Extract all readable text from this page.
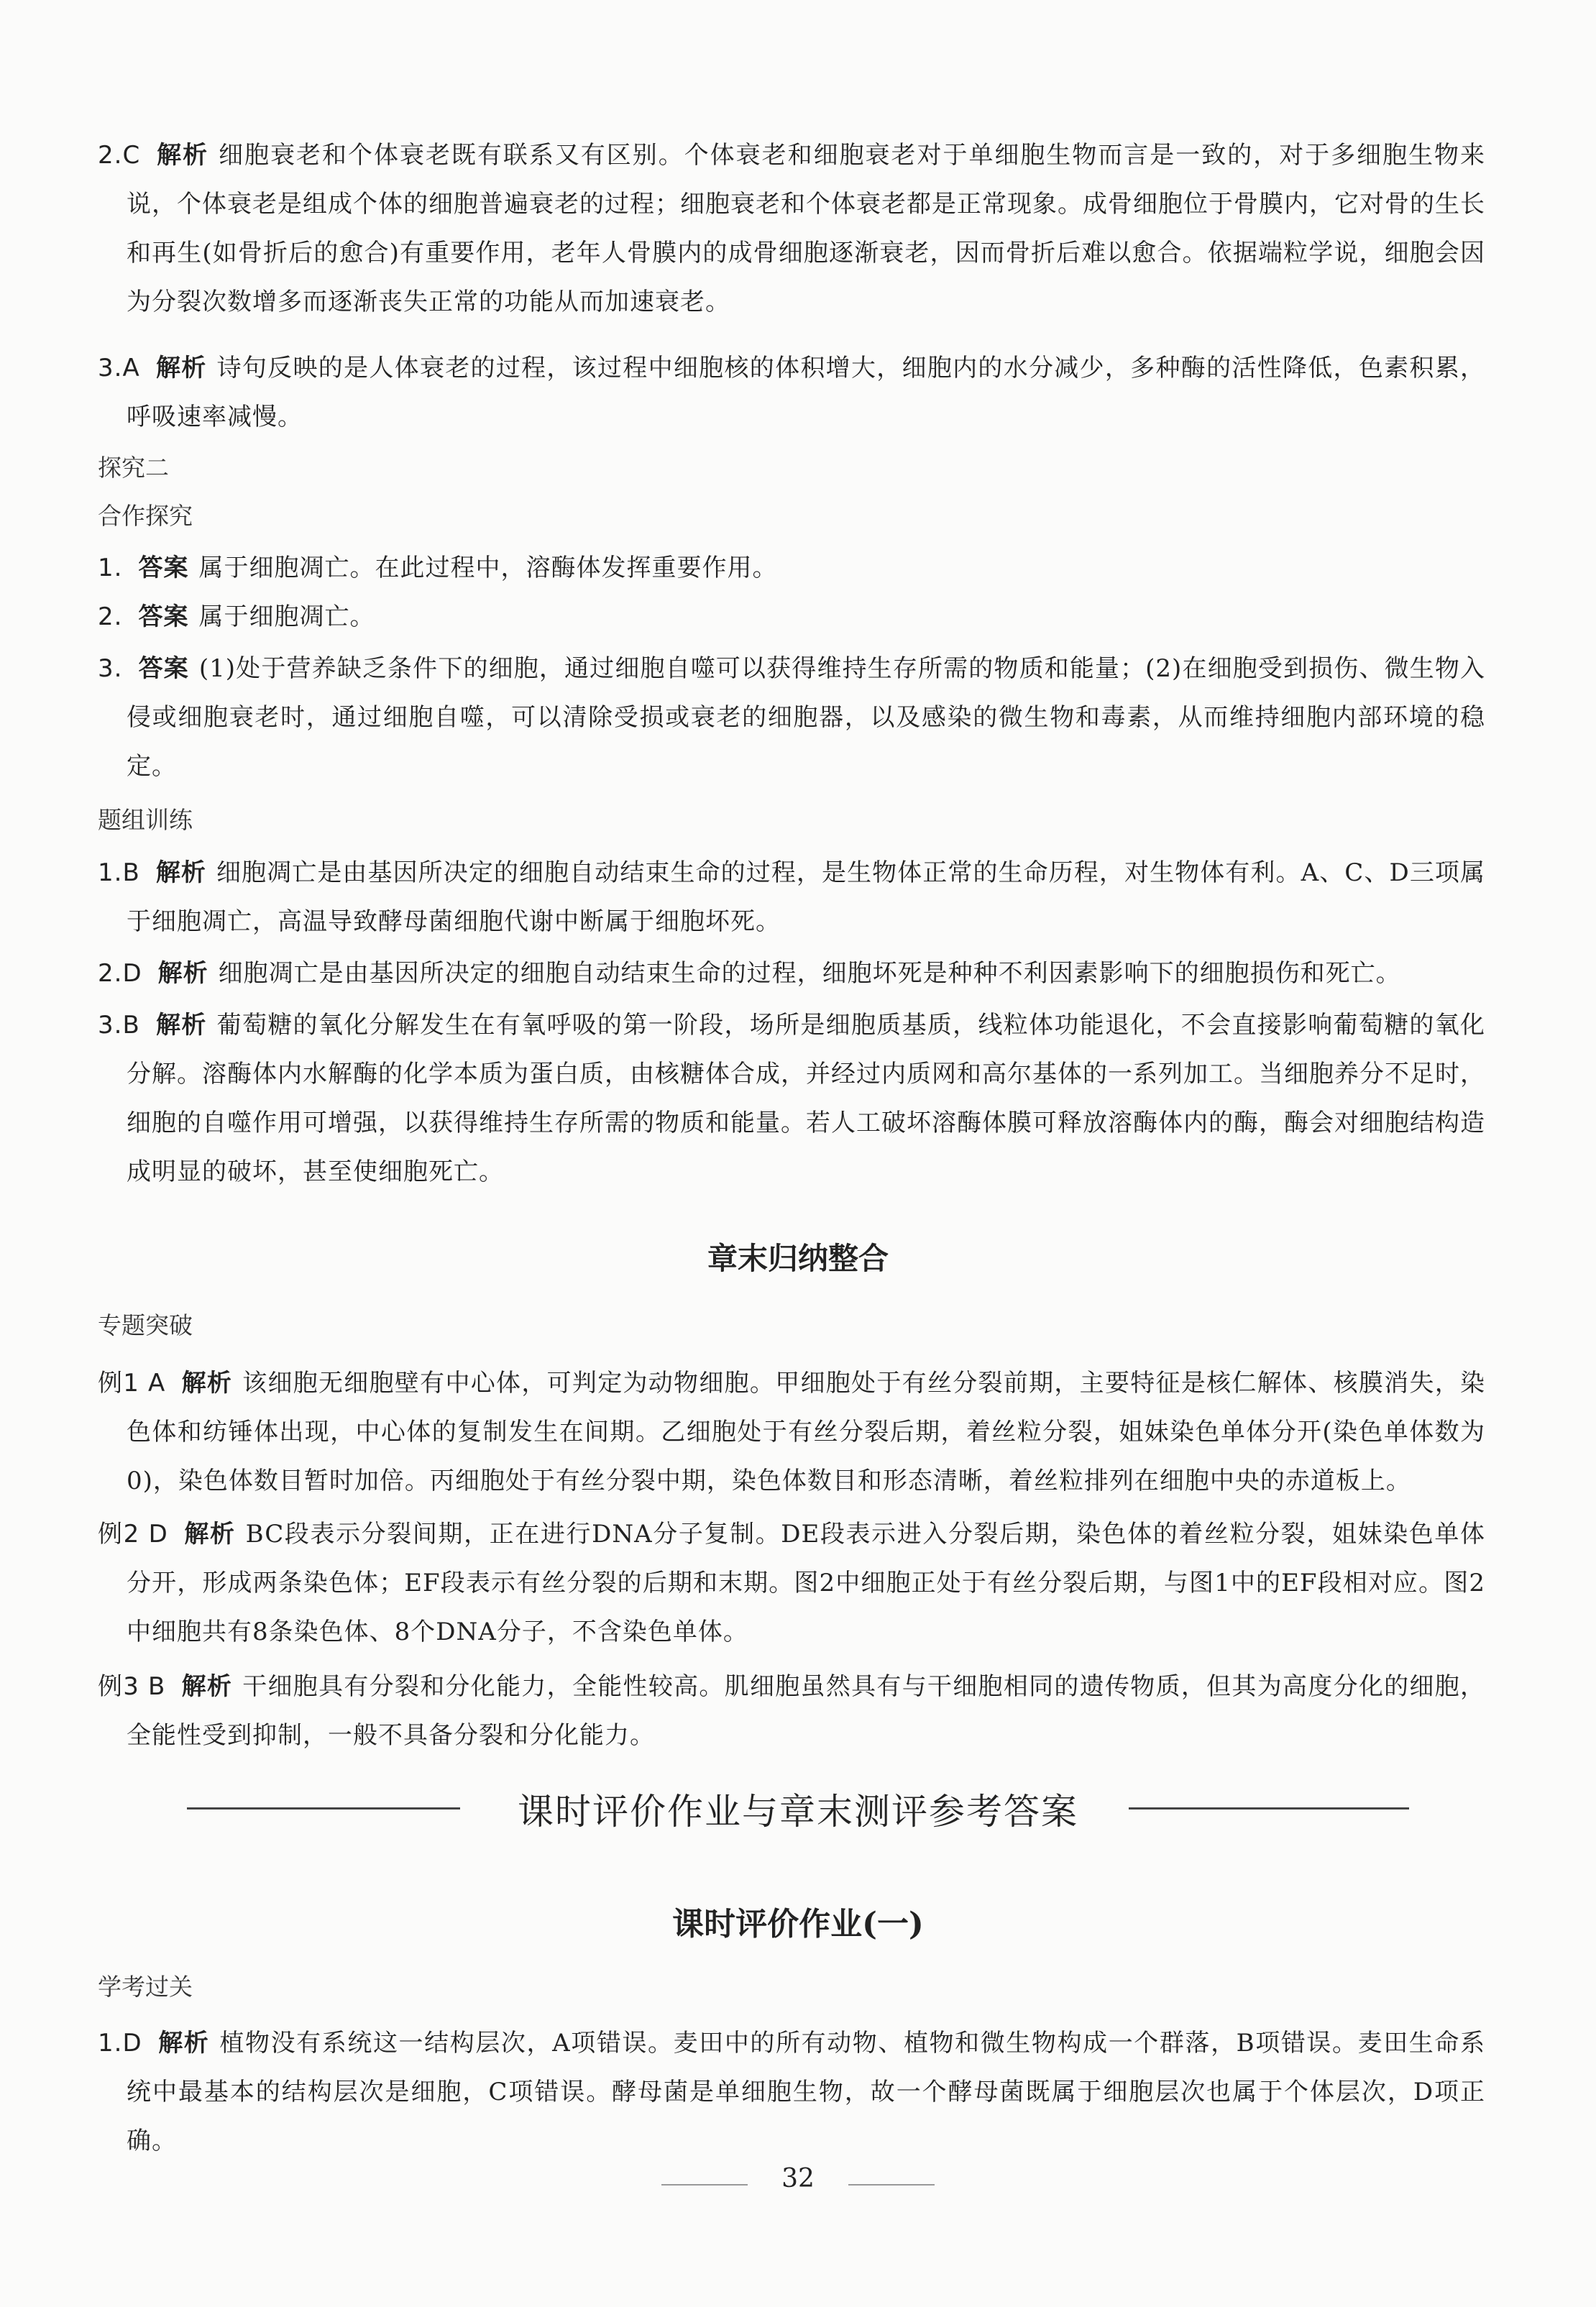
2.C 解析 细胞衰老和个体衰老既有联系又有区别。个体衰老和细胞衰老对于单细胞生物而言是一致的，对于多细胞生物来说，个体衰老是组成个体的细胞普遍衰老的过程；细胞衰老和个体衰老都是正常现象。成骨细胞位于骨膜内，它对骨的生长和再生(如骨折后的愈合)有重要作用，老年人骨膜内的成骨细胞逐渐衰老，因而骨折后难以愈合。依据端粒学说，细胞会因为分裂次数增多而逐渐丧失正常的功能从而加速衰老。
3.A 解析 诗句反映的是人体衰老的过程，该过程中细胞核的体积增大，细胞内的水分减少，多种酶的活性降低，色素积累，呼吸速率减慢。
探究二
合作探究
1. 答案 属于细胞凋亡。在此过程中，溶酶体发挥重要作用。
2. 答案 属于细胞凋亡。
3. 答案 (1)处于营养缺乏条件下的细胞，通过细胞自噬可以获得维持生存所需的物质和能量；(2)在细胞受到损伤、微生物入侵或细胞衰老时，通过细胞自噬，可以清除受损或衰老的细胞器，以及感染的微生物和毒素，从而维持细胞内部环境的稳定。
题组训练
1.B 解析 细胞凋亡是由基因所决定的细胞自动结束生命的过程，是生物体正常的生命历程，对生物体有利。A、C、D三项属于细胞凋亡，高温导致酵母菌细胞代谢中断属于细胞坏死。
2.D 解析 细胞凋亡是由基因所决定的细胞自动结束生命的过程，细胞坏死是种种不利因素影响下的细胞损伤和死亡。
3.B 解析 葡萄糖的氧化分解发生在有氧呼吸的第一阶段，场所是细胞质基质，线粒体功能退化，不会直接影响葡萄糖的氧化分解。溶酶体内水解酶的化学本质为蛋白质，由核糖体合成，并经过内质网和高尔基体的一系列加工。当细胞养分不足时，细胞的自噬作用可增强，以获得维持生存所需的物质和能量。若人工破坏溶酶体膜可释放溶酶体内的酶，酶会对细胞结构造成明显的破坏，甚至使细胞死亡。
章末归纳整合
专题突破
例1 A 解析 该细胞无细胞壁有中心体，可判定为动物细胞。甲细胞处于有丝分裂前期，主要特征是核仁解体、核膜消失，染色体和纺锤体出现，中心体的复制发生在间期。乙细胞处于有丝分裂后期，着丝粒分裂，姐妹染色单体分开(染色单体数为0)，染色体数目暂时加倍。丙细胞处于有丝分裂中期，染色体数目和形态清晰，着丝粒排列在细胞中央的赤道板上。
例2 D 解析 BC段表示分裂间期，正在进行DNA分子复制。DE段表示进入分裂后期，染色体的着丝粒分裂，姐妹染色单体分开，形成两条染色体；EF段表示有丝分裂的后期和末期。图2中细胞正处于有丝分裂后期，与图1中的EF段相对应。图2中细胞共有8条染色体、8个DNA分子，不含染色单体。
例3 B 解析 干细胞具有分裂和分化能力，全能性较高。肌细胞虽然具有与干细胞相同的遗传物质，但其为高度分化的细胞，全能性受到抑制，一般不具备分裂和分化能力。
课时评价作业与章末测评参考答案
课时评价作业(一)
学考过关
1.D 解析 植物没有系统这一结构层次，A项错误。麦田中的所有动物、植物和微生物构成一个群落，B项错误。麦田生命系统中最基本的结构层次是细胞，C项错误。酵母菌是单细胞生物，故一个酵母菌既属于细胞层次也属于个体层次，D项正确。
32
